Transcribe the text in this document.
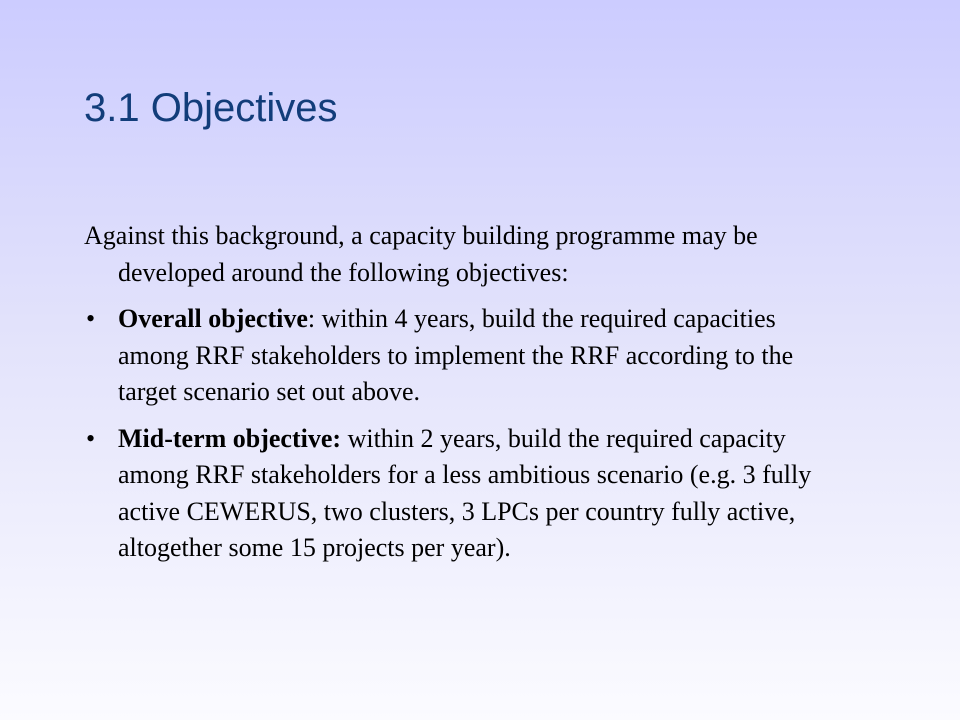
3.1 Objectives

Against this background, a capacity building programme may be developed around the following objectives:

• Overall objective: within 4 years, build the required capacities among RRF stakeholders to implement the RRF according to the target scenario set out above.
• Mid-term objective: within 2 years, build the required capacity among RRF stakeholders for a less ambitious scenario (e.g. 3 fully active CEWERUS, two clusters, 3 LPCs per country fully active, altogether some 15 projects per year).
